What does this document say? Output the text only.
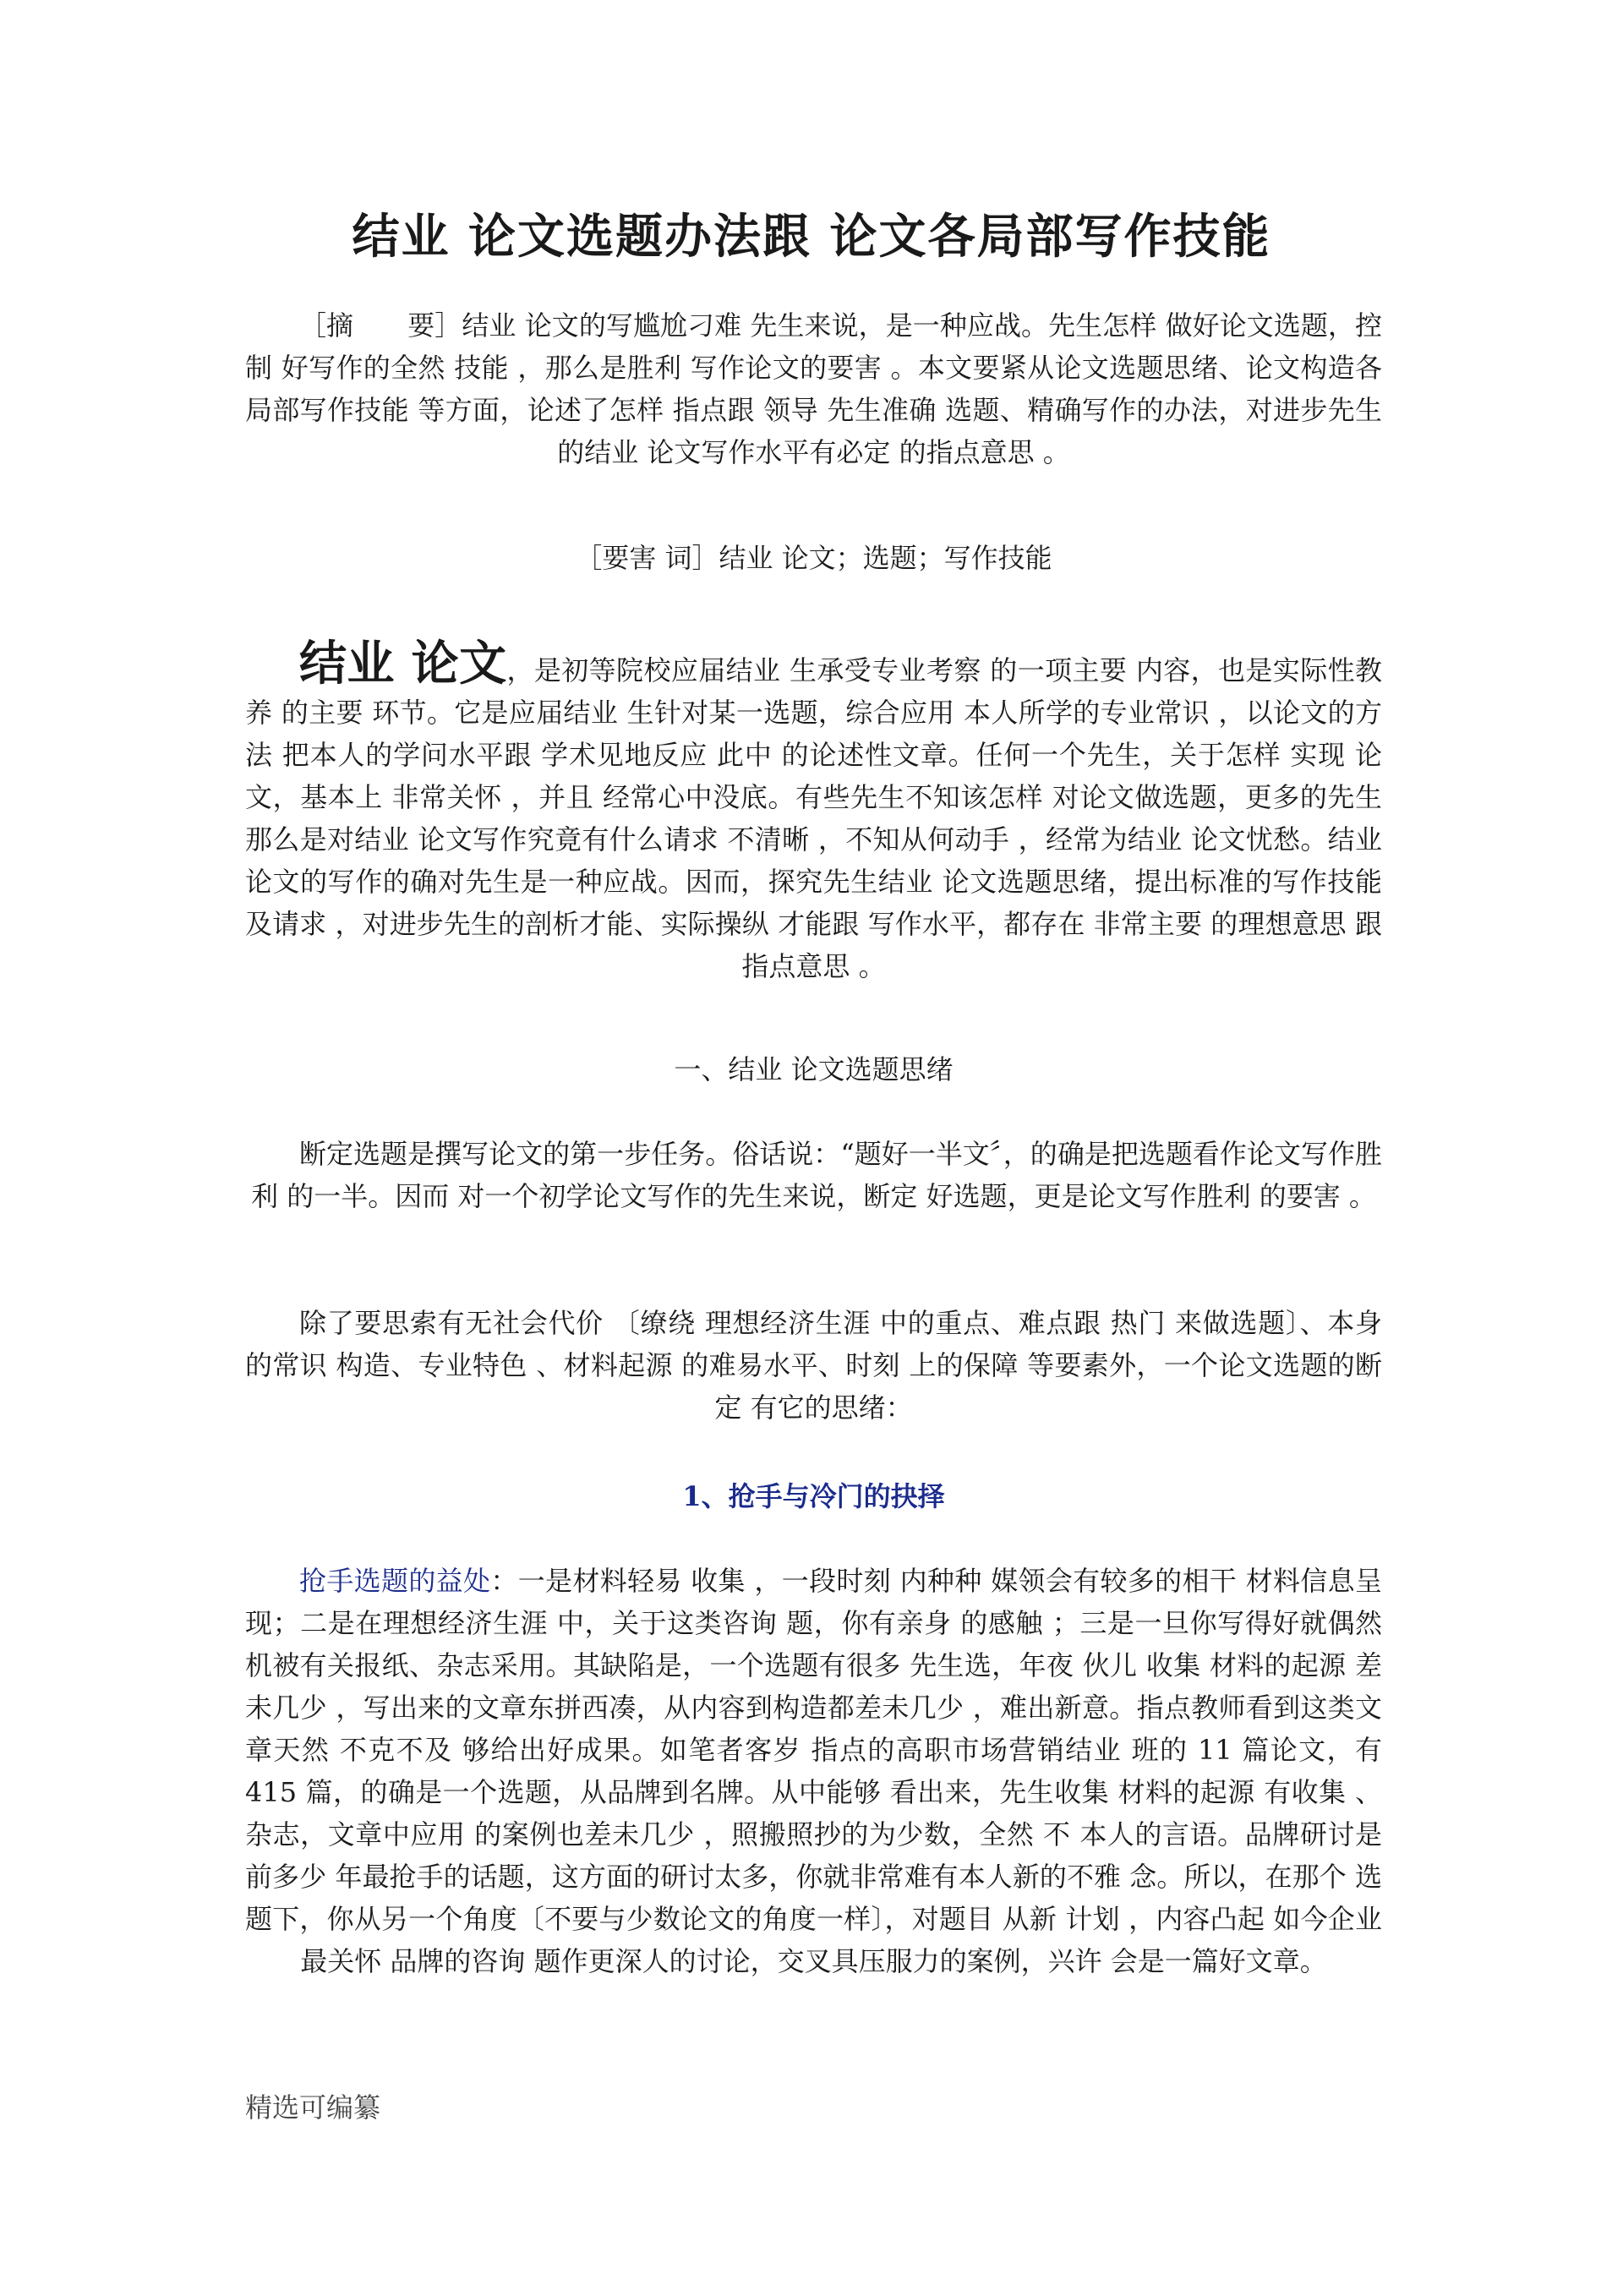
结业 论文选题办法跟 论文各局部写作技能

［摘　　要］结业 论文的写尴尬刁难 先生来说，是一种应战。先生怎样 做好论文选题，控制 好写作的全然 技能 ，那么是胜利 写作论文的要害 。本文要紧从论文选题思绪、论文构造各局部写作技能 等方面，论述了怎样 指点跟 领导 先生准确 选题、精确写作的办法，对进步先生的结业 论文写作水平有必定 的指点意思 。

［要害 词］结业 论文；选题；写作技能

结业 论文，是初等院校应届结业 生承受专业考察 的一项主要 内容，也是实际性教养 的主要 环节。它是应届结业 生针对某一选题，综合应用 本人所学的专业常识 ，以论文的方法 把本人的学问水平跟 学术见地反应 此中 的论述性文章。任何一个先生，关于怎样 实现 论文，基本上 非常关怀 ，并且 经常心中没底。有些先生不知该怎样 对论文做选题，更多的先生那么是对结业 论文写作究竟有什么请求 不清晰 ，不知从何动手 ，经常为结业 论文忧愁。结业 论文的写作的确对先生是一种应战。因而，探究先生结业 论文选题思绪，提出标准的写作技能 及请求 ，对进步先生的剖析才能、实际操纵 才能跟 写作水平，都存在 非常主要 的理想意思 跟 指点意思 。

一、结业 论文选题思绪

断定选题是撰写论文的第一步任务。俗话说：“题好一半文〞，的确是把选题看作论文写作胜利 的一半。因而 对一个初学论文写作的先生来说，断定 好选题，更是论文写作胜利 的要害 。

除了要思索有无社会代价 〔缭绕 理想经济生涯 中的重点、难点跟 热门 来做选题〕、本身的常识 构造、专业特色 、材料起源 的难易水平、时刻 上的保障 等要素外，一个论文选题的断定 有它的思绪：

1、抢手与冷门的抉择

抢手选题的益处：一是材料轻易 收集 ，一段时刻 内种种 媒领会有较多的相干 材料信息呈现；二是在理想经济生涯 中，关于这类咨询 题，你有亲身 的感触 ；三是一旦你写得好就偶然 机被有关报纸、杂志采用。其缺陷是，一个选题有很多 先生选，年夜 伙儿 收集 材料的起源 差未几少 ，写出来的文章东拼西凑，从内容到构造都差未几少 ，难出新意。指点教师看到这类文章天然 不克不及 够给出好成果。如笔者客岁 指点的高职市场营销结业 班的 11 篇论文，有 415 篇，的确是一个选题，从品牌到名牌。从中能够 看出来，先生收集 材料的起源 有收集 、杂志，文章中应用 的案例也差未几少 ，照搬照抄的为少数，全然 不 本人的言语。品牌研讨是前多少 年最抢手的话题，这方面的研讨太多，你就非常难有本人新的不雅 念。所以，在那个 选题下，你从另一个角度〔不要与少数论文的角度一样〕，对题目 从新 计划 ，内容凸起 如今企业最关怀 品牌的咨询 题作更深人的讨论，交叉具压服力的案例，兴许 会是一篇好文章。

精选可编纂
